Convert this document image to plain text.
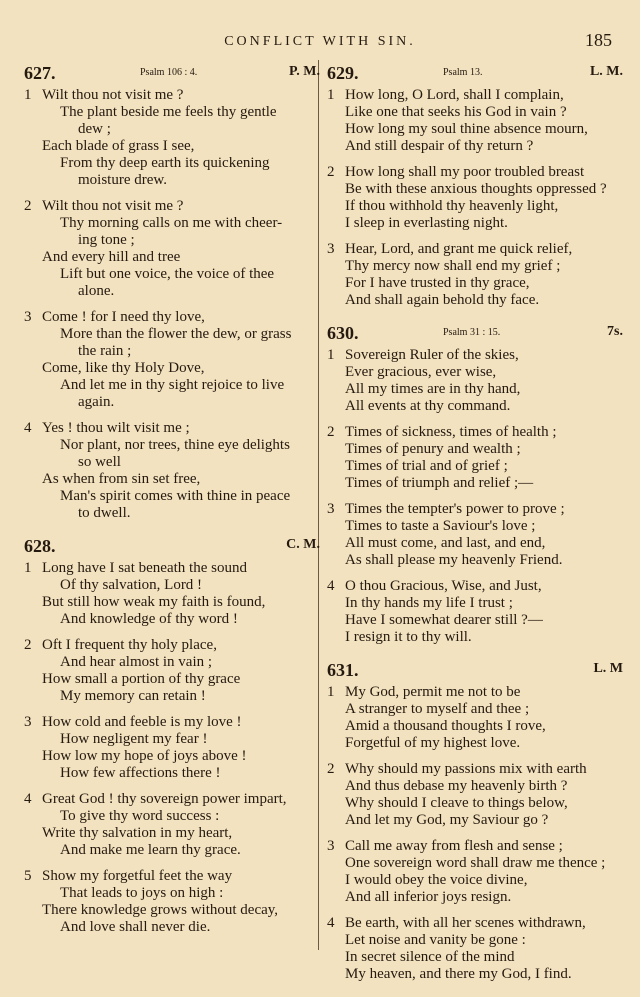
CONFLICT WITH SIN.	185
627.	Psalm 106 : 4.	P. M.
1 Wilt thou not visit me ?
The plant beside me feels thy gentle
dew ;
Each blade of grass I see,
From thy deep earth its quickening
moisture drew.
2 Wilt thou not visit me ?
Thy morning calls on me with cheer-
ing tone ;
And every hill and tree
Lift but one voice, the voice of thee
alone.
3 Come ! for I need thy love,
More than the flower the dew, or grass
the rain ;
Come, like thy Holy Dove,
And let me in thy sight rejoice to live
again.
4 Yes ! thou wilt visit me ;
Nor plant, nor trees, thine eye delights
so well
As when from sin set free,
Man's spirit comes with thine in peace
to dwell.
628.	C. M.
1 Long have I sat beneath the sound
Of thy salvation, Lord !
But still how weak my faith is found,
And knowledge of thy word !
2 Oft I frequent thy holy place,
And hear almost in vain ;
How small a portion of thy grace
My memory can retain !
3 How cold and feeble is my love !
How negligent my fear !
How low my hope of joys above !
How few affections there !
4 Great God ! thy sovereign power impart,
To give thy word success :
Write thy salvation in my heart,
And make me learn thy grace.
5 Show my forgetful feet the way
That leads to joys on high :
There knowledge grows without decay,
And love shall never die.
629.	Psalm 13.	L. M.
1 How long, O Lord, shall I complain,
Like one that seeks his God in vain ?
How long my soul thine absence mourn,
And still despair of thy return ?
2 How long shall my poor troubled breast
Be with these anxious thoughts oppressed ?
If thou withhold thy heavenly light,
I sleep in everlasting night.
3 Hear, Lord, and grant me quick relief,
Thy mercy now shall end my grief ;
For I have trusted in thy grace,
And shall again behold thy face.
630.	Psalm 31 : 15.	7s.
1 Sovereign Ruler of the skies,
Ever gracious, ever wise,
All my times are in thy hand,
All events at thy command.
2 Times of sickness, times of health ;
Times of penury and wealth ;
Times of trial and of grief ;
Times of triumph and relief ;—
3 Times the tempter's power to prove ;
Times to taste a Saviour's love ;
All must come, and last, and end,
As shall please my heavenly Friend.
4 O thou Gracious, Wise, and Just,
In thy hands my life I trust ;
Have I somewhat dearer still ?—
I resign it to thy will.
631.	L. M
1 My God, permit me not to be
A stranger to myself and thee ;
Amid a thousand thoughts I rove,
Forgetful of my highest love.
2 Why should my passions mix with earth
And thus debase my heavenly birth ?
Why should I cleave to things below,
And let my God, my Saviour go ?
3 Call me away from flesh and sense ;
One sovereign word shall draw me thence ;
I would obey the voice divine,
And all inferior joys resign.
4 Be earth, with all her scenes withdrawn,
Let noise and vanity be gone :
In secret silence of the mind
My heaven, and there my God, I find.
